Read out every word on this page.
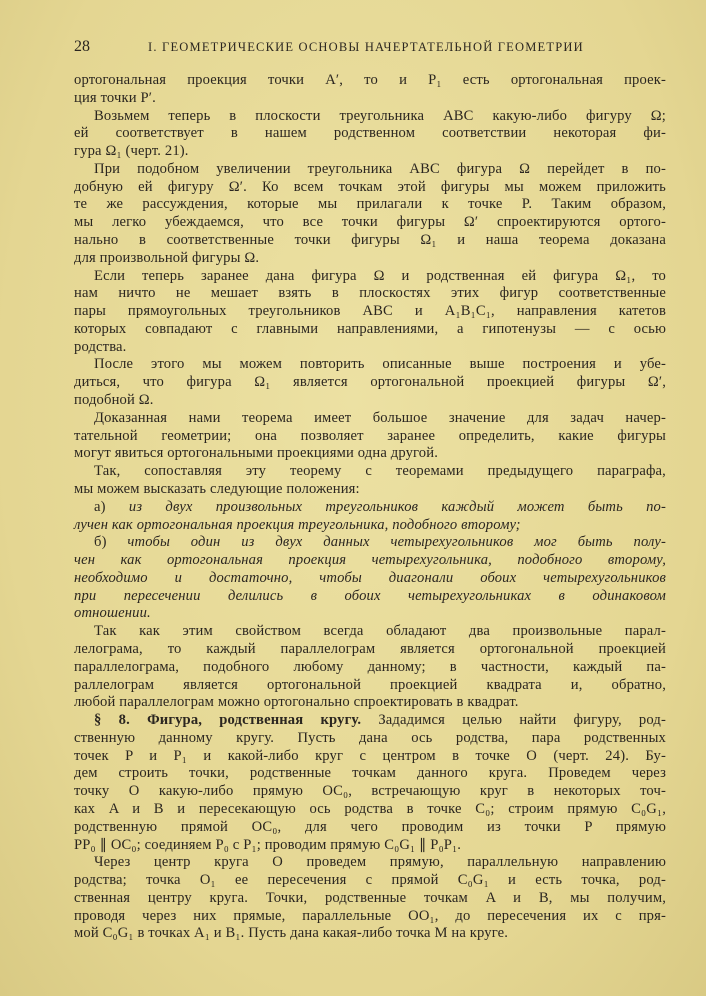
28	I. ГЕОМЕТРИЧЕСКИЕ ОСНОВЫ НАЧЕРТАТЕЛЬНОЙ ГЕОМЕТРИИ
ортогональная проекция точки A′, то и P₁ есть ортогональная проек-
ция точки P′.
Возьмем теперь в плоскости треугольника ABC какую-либо фигуру Ω;
ей соответствует в нашем родственном соответствии некоторая фи-
гура Ω₁ (черт. 21).
При подобном увеличении треугольника ABC фигура Ω перейдет в по-
добную ей фигуру Ω′. Ко всем точкам этой фигуры мы можем приложить
те же рассуждения, которые мы прилагали к точке P. Таким образом,
мы легко убеждаемся, что все точки фигуры Ω′ спроектируются ортого-
нально в соответственные точки фигуры Ω₁ и наша теорема доказана
для произвольной фигуры Ω.
Если теперь заранее дана фигура Ω и родственная ей фигура Ω₁, то
нам ничто не мешает взять в плоскостях этих фигур соответственные
пары прямоугольных треугольников ABC и A₁B₁C₁, направления катетов
которых совпадают с главными направлениями, а гипотенузы — с осью
родства.
После этого мы можем повторить описанные выше построения и убе-
диться, что фигура Ω₁ является ортогональной проекцией фигуры Ω′,
подобной Ω.
Доказанная нами теорема имеет большое значение для задач начер-
тательной геометрии; она позволяет заранее определить, какие фигуры
могут явиться ортогональными проекциями одна другой.
Так, сопоставляя эту теорему с теоремами предыдущего параграфа,
мы можем высказать следующие положения:
а) из двух произвольных треугольников каждый может быть по-
лучен как ортогональная проекция треугольника, подобного второму;
б) чтобы один из двух данных четырехугольников мог быть полу-
чен как ортогональная проекция четырехугольника, подобного второму,
необходимо и достаточно, чтобы диагонали обоих четырехугольников
при пересечении делились в обоих четырехугольниках в одинаковом
отношении.
Так как этим свойством всегда обладают два произвольные парал-
лелограма, то каждый параллелограм является ортогональной проекцией
параллелограма, подобного любому данному; в частности, каждый па-
раллелограм является ортогональной проекцией квадрата и, обратно,
любой параллелограм можно ортогонально спроектировать в квадрат.
§ 8. Фигура, родственная кругу. Зададимся целью найти фигуру, род-
ственную данному кругу. Пусть дана ось родства, пара родственных
точек P и P₁ и какой-либо круг с центром в точке O (черт. 24). Бу-
дем строить точки, родственные точкам данного круга. Проведем через
точку O какую-либо прямую OC₀, встречающую круг в некоторых точ-
ках A и B и пересекающую ось родства в точке C₀; строим прямую C₀G₁,
родственную прямой OC₀, для чего проводим из точки P прямую
PP₀ ∥ OC₀; соединяем P₀ с P₁; проводим прямую C₀G₁ ∥ P₀P₁.
Через центр круга O проведем прямую, параллельную направлению
родства; точка O₁ ее пересечения с прямой C₀G₁ и есть точка, род-
ственная центру круга. Точки, родственные точкам A и B, мы получим,
проводя через них прямые, параллельные OO₁, до пересечения их с пря-
мой C₀G₁ в точках A₁ и B₁. Пусть дана какая-либо точка M на круге.
